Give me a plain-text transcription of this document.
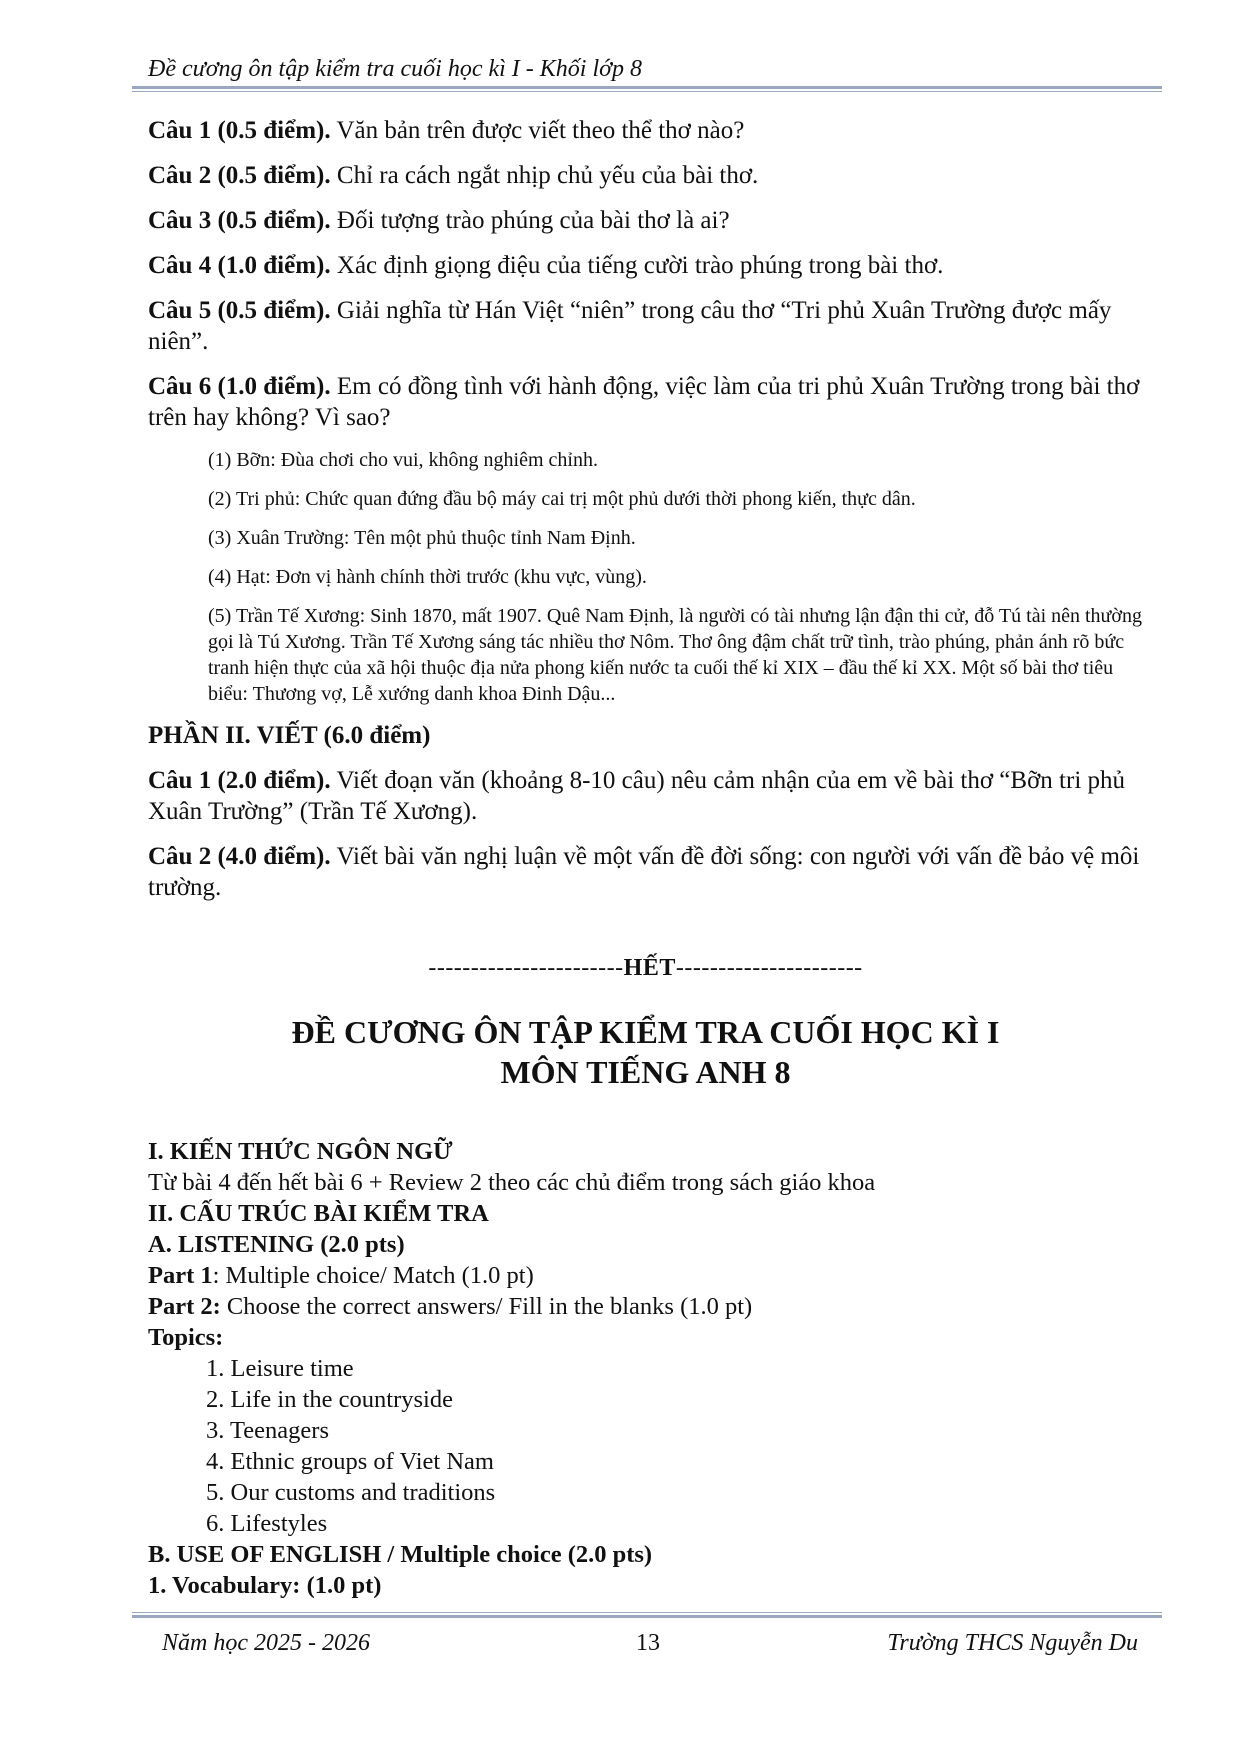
Đề cương ôn tập kiểm tra cuối học kì I - Khối lớp 8
Câu 1 (0.5 điểm). Văn bản trên được viết theo thể thơ nào?
Câu 2 (0.5 điểm). Chỉ ra cách ngắt nhịp chủ yếu của bài thơ.
Câu 3 (0.5 điểm). Đối tượng trào phúng của bài thơ là ai?
Câu 4 (1.0 điểm). Xác định giọng điệu của tiếng cười trào phúng trong bài thơ.
Câu 5 (0.5 điểm). Giải nghĩa từ Hán Việt “niên” trong câu thơ “Tri phủ Xuân Trường được mấy niên”.
Câu 6 (1.0 điểm). Em có đồng tình với hành động, việc làm của tri phủ Xuân Trường trong bài thơ trên hay không? Vì sao?
(1) Bỡn: Đùa chơi cho vui, không nghiêm chỉnh.
(2) Tri phủ: Chức quan đứng đầu bộ máy cai trị một phủ dưới thời phong kiến, thực dân.
(3) Xuân Trường: Tên một phủ thuộc tỉnh Nam Định.
(4) Hạt: Đơn vị hành chính thời trước (khu vực, vùng).
(5) Trần Tế Xương: Sinh 1870, mất 1907. Quê Nam Định, là người có tài nhưng lận đận thi cử, đỗ Tú tài nên thường gọi là Tú Xương. Trần Tế Xương sáng tác nhiều thơ Nôm. Thơ ông đậm chất trữ tình, trào phúng, phản ánh rõ bức tranh hiện thực của xã hội thuộc địa nửa phong kiến nước ta cuối thế kỉ XIX – đầu thế kỉ XX. Một số bài thơ tiêu biểu: Thương vợ, Lễ xướng danh khoa Đinh Dậu...
PHẦN II. VIẾT (6.0 điểm)
Câu 1 (2.0 điểm). Viết đoạn văn (khoảng 8-10 câu) nêu cảm nhận của em về bài thơ “Bỡn tri phủ Xuân Trường” (Trần Tế Xương).
Câu 2 (4.0 điểm). Viết bài văn nghị luận về một vấn đề đời sống: con người với vấn đề bảo vệ môi trường.
-----------------------HẾT----------------------
ĐỀ CƯƠNG ÔN TẬP KIỂM TRA CUỐI HỌC KÌ I
MÔN TIẾNG ANH 8
I. KIẾN THỨC NGÔN NGỮ
Từ bài 4 đến hết bài 6 + Review 2 theo các chủ điểm trong sách giáo khoa
II. CẤU TRÚC BÀI KIỂM TRA
A. LISTENING (2.0 pts)
Part 1: Multiple choice/ Match (1.0 pt)
Part 2: Choose the correct answers/ Fill in the blanks (1.0 pt)
Topics:
1. Leisure time
2. Life in the countryside
3. Teenagers
4. Ethnic groups of Viet Nam
5. Our customs and traditions
6. Lifestyles
B. USE OF ENGLISH / Multiple choice (2.0 pts)
1. Vocabulary: (1.0 pt)
Năm học 2025 - 2026	13	Trường THCS Nguyễn Du
